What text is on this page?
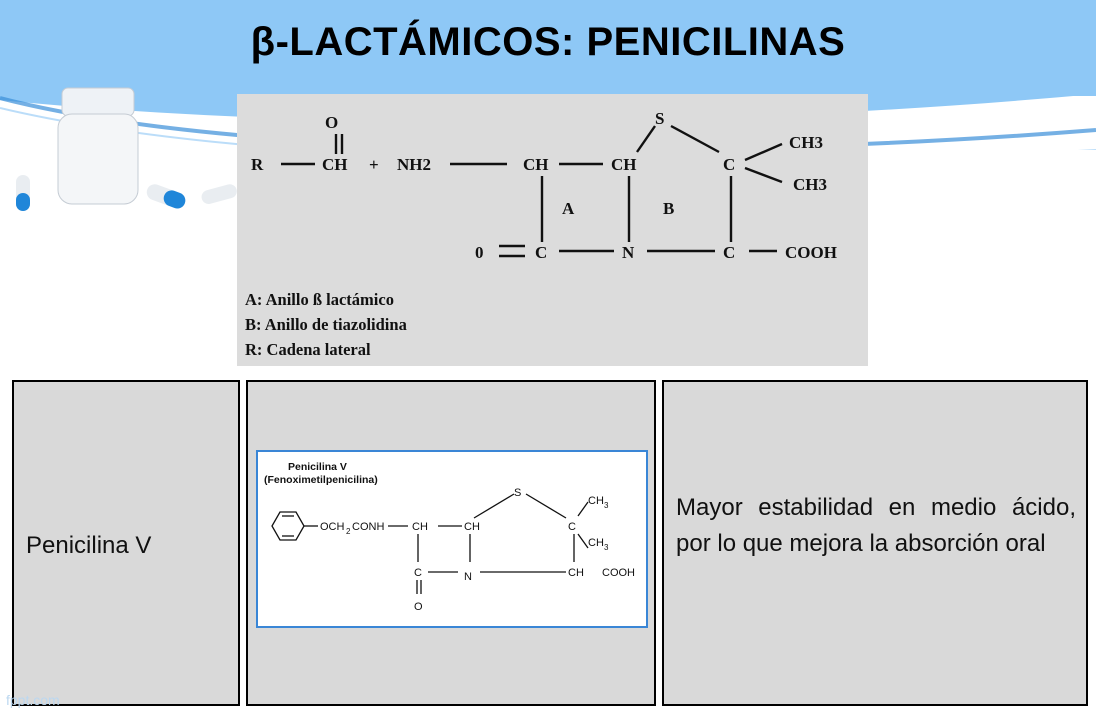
β-LACTÁMICOS: PENICILINAS
O
R	CH + NH2	CH	CH
S
C
CH3
CH3
A	B
0	C	N	C	COOH
A: Anillo ß lactámico
B: Anillo de tiazolidina
R: Cadena lateral
Penicilina V
Penicilina V
(Fenoximetilpenicilina)
OCH 2 CONH	CH	CH
S
CH 3
C
CH 3
C	N	CH COOH
O
Mayor estabilidad en medio ácido, por lo que mejora la absorción oral
fppt.com
